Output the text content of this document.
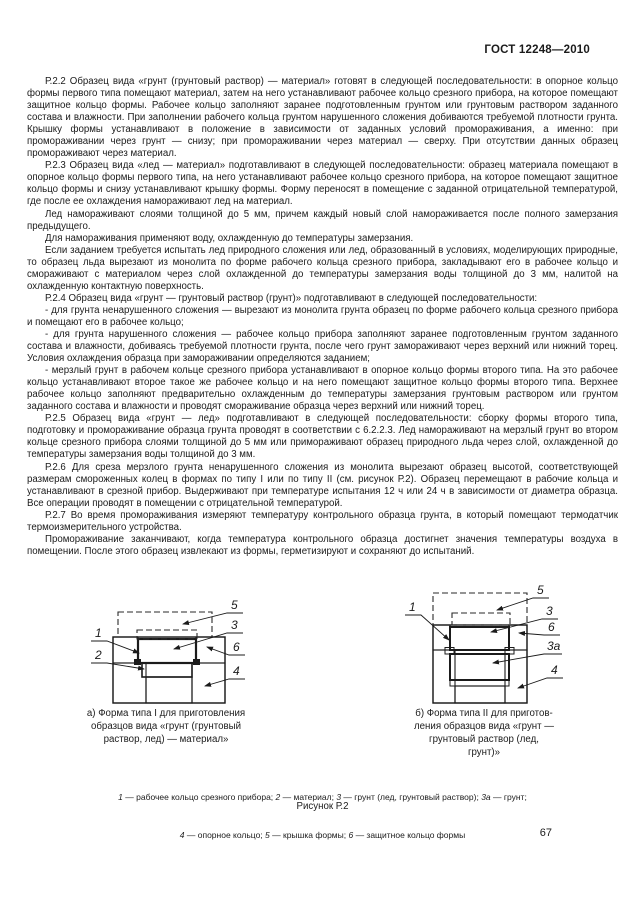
ГОСТ 12248—2010

Р.2.2 Образец вида «грунт (грунтовый раствор) — материал» готовят в следующей последовательности: в опорное кольцо формы первого типа помещают материал, затем на него устанавливают рабочее кольцо срезного прибора, на которое помещают защитное кольцо формы. Рабочее кольцо заполняют заранее подготовленным грунтом или грунтовым раствором заданного состава и влажности. При заполнении рабочего кольца грунтом нарушенного сложения добиваются требуемой плотности грунта. Крышку формы устанавливают в положение в зависимости от заданных условий промораживания, а именно: при промораживании через грунт — снизу; при промораживании через материал — сверху. При отсутствии данных образец промораживают через материал.

Р.2.3 Образец вида «лед — материал» подготавливают в следующей последовательности: образец материала помещают в опорное кольцо формы первого типа, на него устанавливают рабочее кольцо срезного прибора, на которое помещают защитное кольцо формы и снизу устанавливают крышку формы. Форму переносят в помещение с заданной отрицательной температурой, где после ее охлаждения намораживают лед на материал.

Лед намораживают слоями толщиной до 5 мм, причем каждый новый слой намораживается после полного замерзания предыдущего.

Для намораживания применяют воду, охлажденную до температуры замерзания.

Если заданием требуется испытать лед природного сложения или лед, образованный в условиях, моделирующих природные, то образец льда вырезают из монолита по форме рабочего кольца срезного прибора, закладывают его в рабочее кольцо и смораживают с материалом через слой охлажденной до температуры замерзания воды толщиной до 3 мм, налитой на охлажденную контактную поверхность.

Р.2.4 Образец вида «грунт — грунтовый раствор (грунт)» подготавливают в следующей последовательности:

- для грунта ненарушенного сложения — вырезают из монолита грунта образец по форме рабочего кольца срезного прибора и помещают его в рабочее кольцо;

- для грунта нарушенного сложения — рабочее кольцо прибора заполняют заранее подготовленным грунтом заданного состава и влажности, добиваясь требуемой плотности грунта, после чего грунт замораживают через верхний или нижний торец. Условия охлаждения образца при замораживании определяются заданием;

- мерзлый грунт в рабочем кольце срезного прибора устанавливают в опорное кольцо формы второго типа. На это рабочее кольцо устанавливают второе такое же рабочее кольцо и на него помещают защитное кольцо формы второго типа. Верхнее рабочее кольцо заполняют предварительно охлажденным до температуры замерзания грунтовым раствором или грунтом заданного состава и влажности и проводят смораживание образца через верхний или нижний торец.

Р.2.5 Образец вида «грунт — лед» подготавливают в следующей последовательности: сборку формы второго типа, подготовку и промораживание образца грунта проводят в соответствии с 6.2.2.3. Лед намораживают на мерзлый грунт во втором кольце срезного прибора слоями толщиной до 5 мм или примораживают образец природного льда через слой, охлажденной до температуры замерзания воды толщиной до 3 мм.

Р.2.6 Для среза мерзлого грунта ненарушенного сложения из монолита вырезают образец высотой, соответствующей размерам смороженных колец в формах по типу I или по типу II (см. рисунок Р.2). Образец перемещают в рабочие кольца и устанавливают в срезной прибор. Выдерживают при температуре испытания 12 ч или 24 ч в зависимости от диаметра образца. Все операции проводят в помещении с отрицательной температурой.

Р.2.7 Во время промораживания измеряют температуру контрольного образца грунта, в который помещают термодатчик термоизмерительного устройства.

Промораживание заканчивают, когда температура контрольного образца достигнет значения температуры воздуха в помещении. После этого образец извлекают из формы, герметизируют и сохраняют до испытаний.

1
2
5
3
6
4
1
5
3
6
3а
4
а) Форма типа I для приготовления
образцов вида «грунт (грунтовый
раствор, лед) — материал»
б) Форма типа II для приготов-
ления образцов вида «грунт —
грунтовый раствор (лед,
грунт)»

1 — рабочее кольцо срезного прибора; 2 — материал; 3 — грунт (лед, грунтовый раствор); 3а — грунт;

4 — опорное кольцо; 5 — крышка формы; 6 — защитное кольцо формы

Рисунок Р.2
67
